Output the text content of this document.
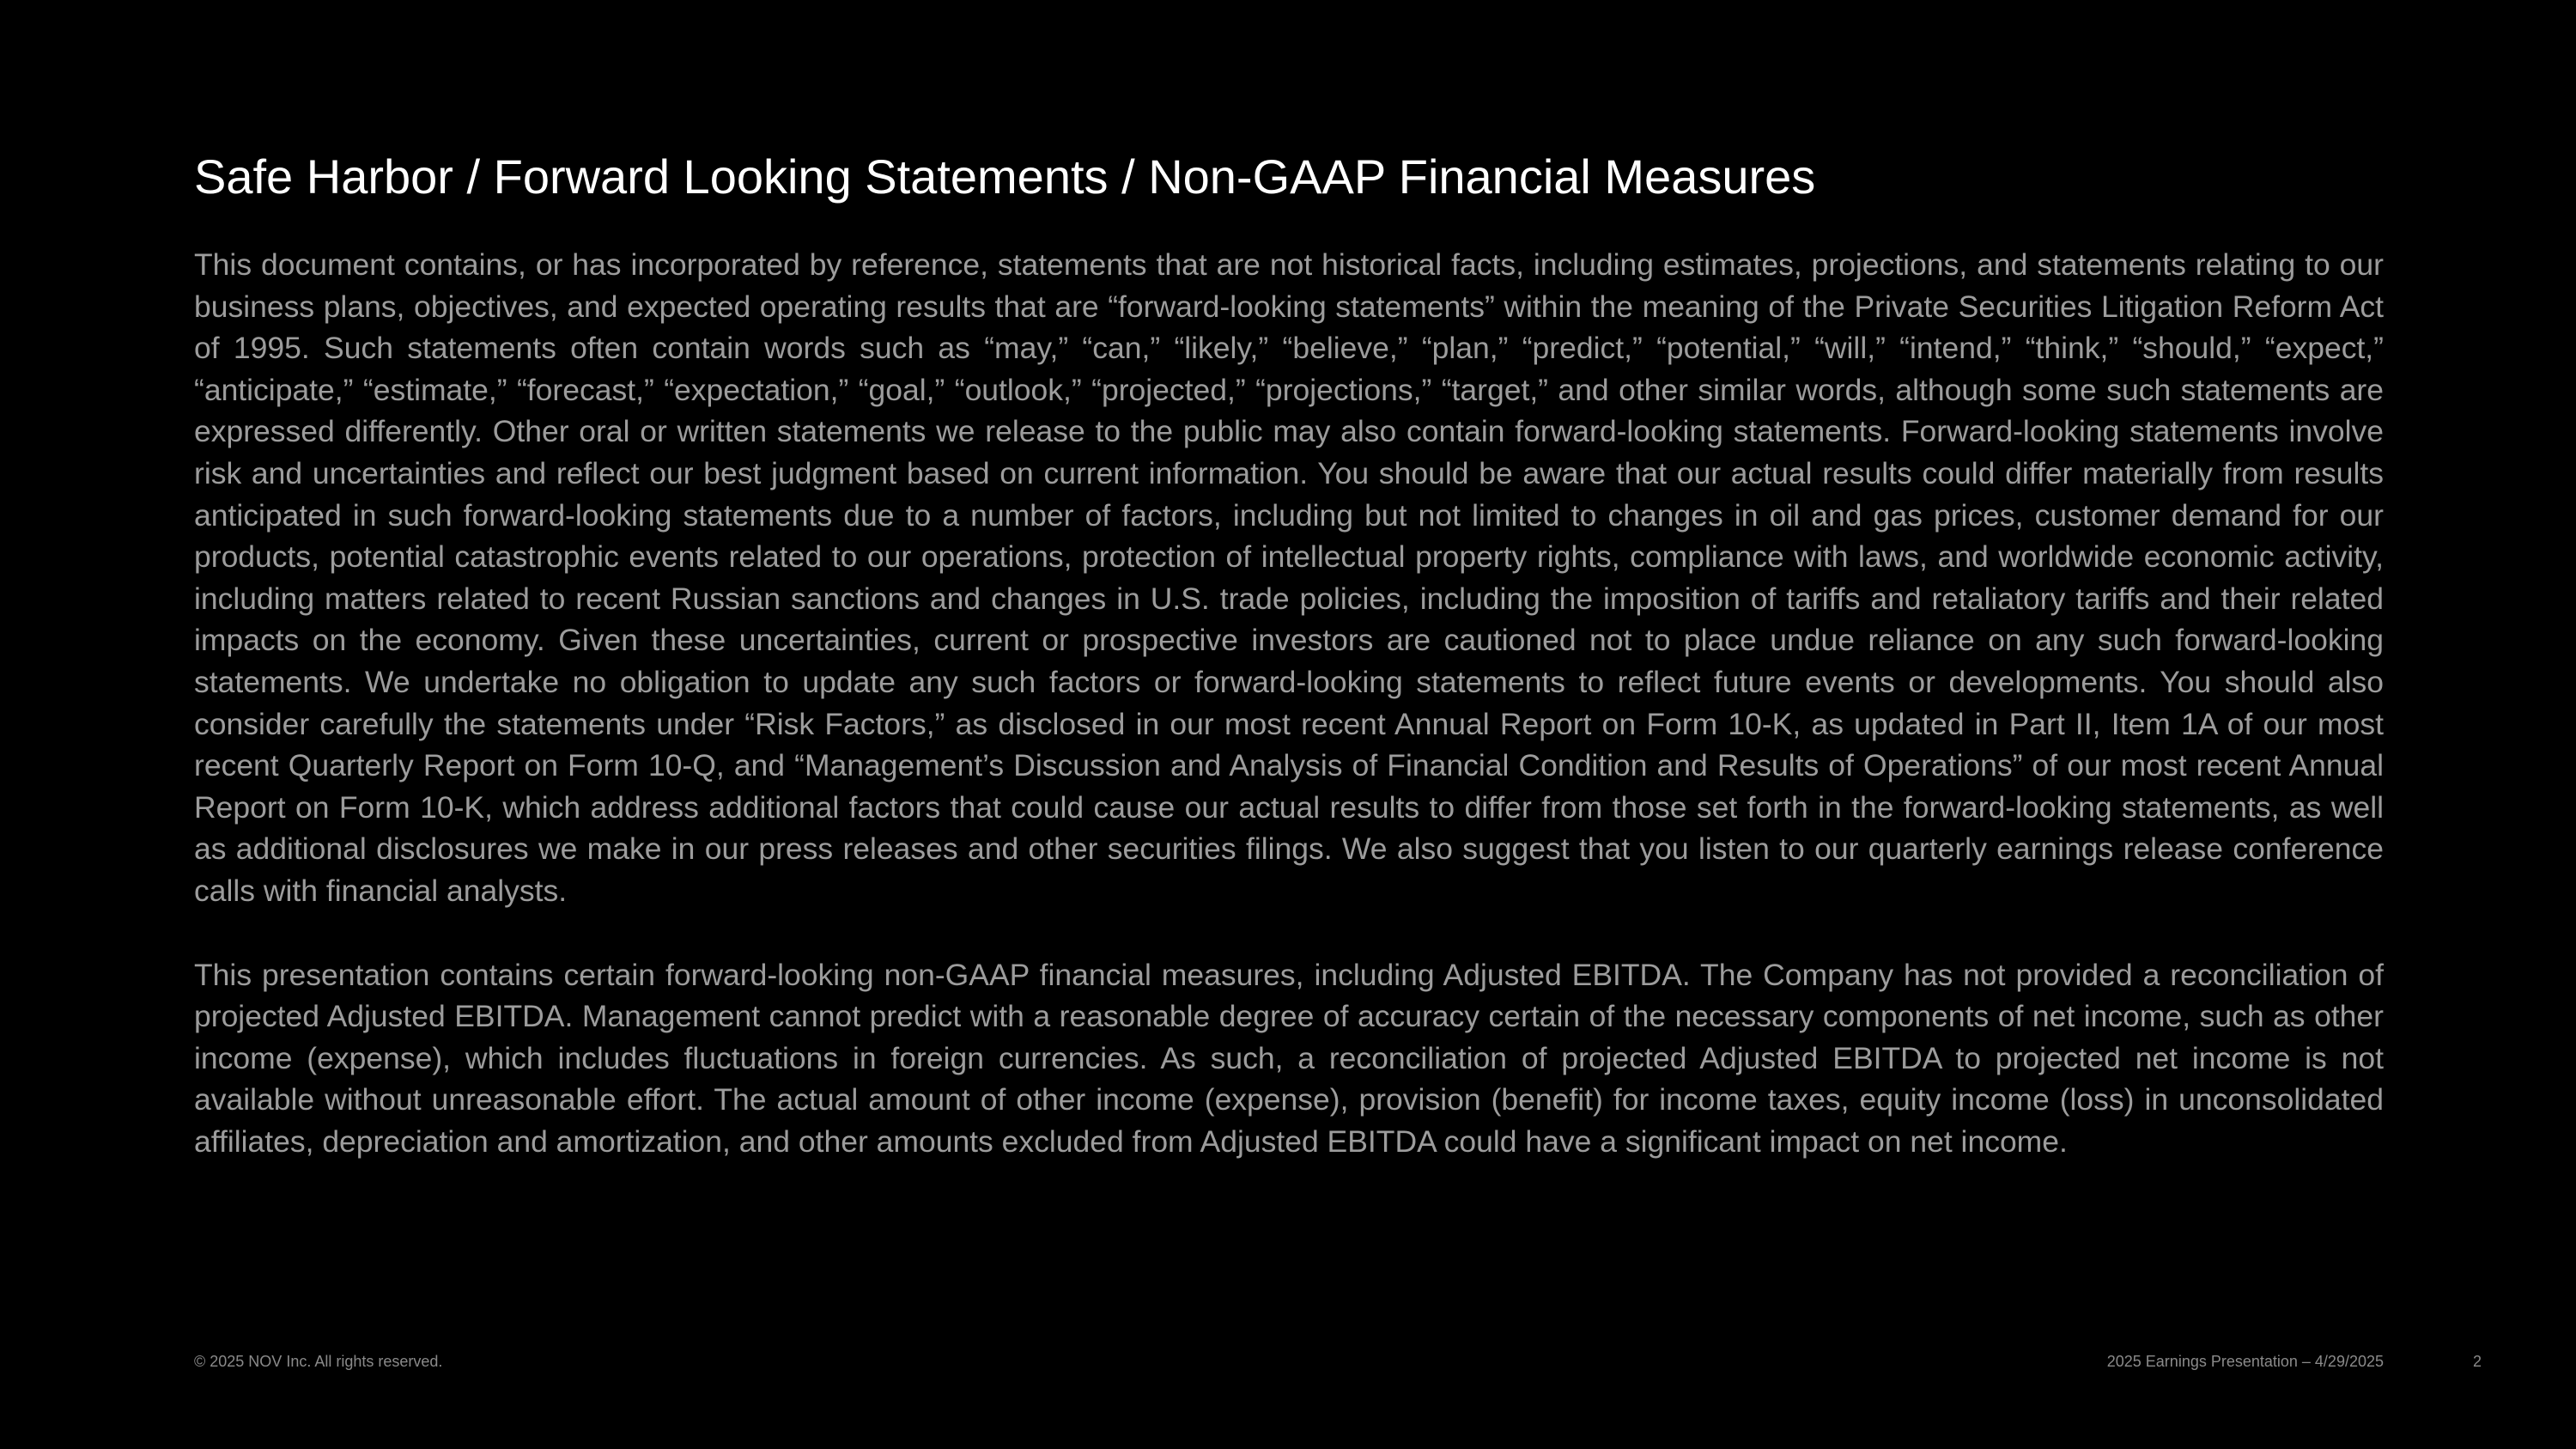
Safe Harbor / Forward Looking Statements / Non-GAAP Financial Measures

This document contains, or has incorporated by reference, statements that are not historical facts, including estimates, projections, and statements relating to our business plans, objectives, and expected operating results that are “forward-looking statements” within the meaning of the Private Securities Litigation Reform Act of 1995. Such statements often contain words such as “may,” “can,” “likely,” “believe,” “plan,” “predict,” “potential,” “will,” “intend,” “think,” “should,” “expect,” “anticipate,” “estimate,” “forecast,” “expectation,” “goal,” “outlook,” “projected,” “projections,” “target,” and other similar words, although some such statements are expressed differently. Other oral or written statements we release to the public may also contain forward-looking statements. Forward-looking statements involve risk and uncertainties and reflect our best judgment based on current information. You should be aware that our actual results could differ materially from results anticipated in such forward-looking statements due to a number of factors, including but not limited to changes in oil and gas prices, customer demand for our products, potential catastrophic events related to our operations, protection of intellectual property rights, compliance with laws, and worldwide economic activity, including matters related to recent Russian sanctions and changes in U.S. trade policies, including the imposition of tariffs and retaliatory tariffs and their related impacts on the economy. Given these uncertainties, current or prospective investors are cautioned not to place undue reliance on any such forward-looking statements. We undertake no obligation to update any such factors or forward-looking statements to reflect future events or developments. You should also consider carefully the statements under “Risk Factors,” as disclosed in our most recent Annual Report on Form 10-K, as updated in Part II, Item 1A of our most recent Quarterly Report on Form 10-Q, and “Management’s Discussion and Analysis of Financial Condition and Results of Operations” of our most recent Annual Report on Form 10-K, which address additional factors that could cause our actual results to differ from those set forth in the forward-looking statements, as well as additional disclosures we make in our press releases and other securities filings. We also suggest that you listen to our quarterly earnings release conference calls with financial analysts.

This presentation contains certain forward-looking non-GAAP financial measures, including Adjusted EBITDA. The Company has not provided a reconciliation of projected Adjusted EBITDA. Management cannot predict with a reasonable degree of accuracy certain of the necessary components of net income, such as other income (expense), which includes fluctuations in foreign currencies. As such, a reconciliation of projected Adjusted EBITDA to projected net income is not available without unreasonable effort. The actual amount of other income (expense), provision (benefit) for income taxes, equity income (loss) in unconsolidated affiliates, depreciation and amortization, and other amounts excluded from Adjusted EBITDA could have a significant impact on net income.

© 2025 NOV Inc. All rights reserved.	2025 Earnings Presentation – 4/29/2025	2
